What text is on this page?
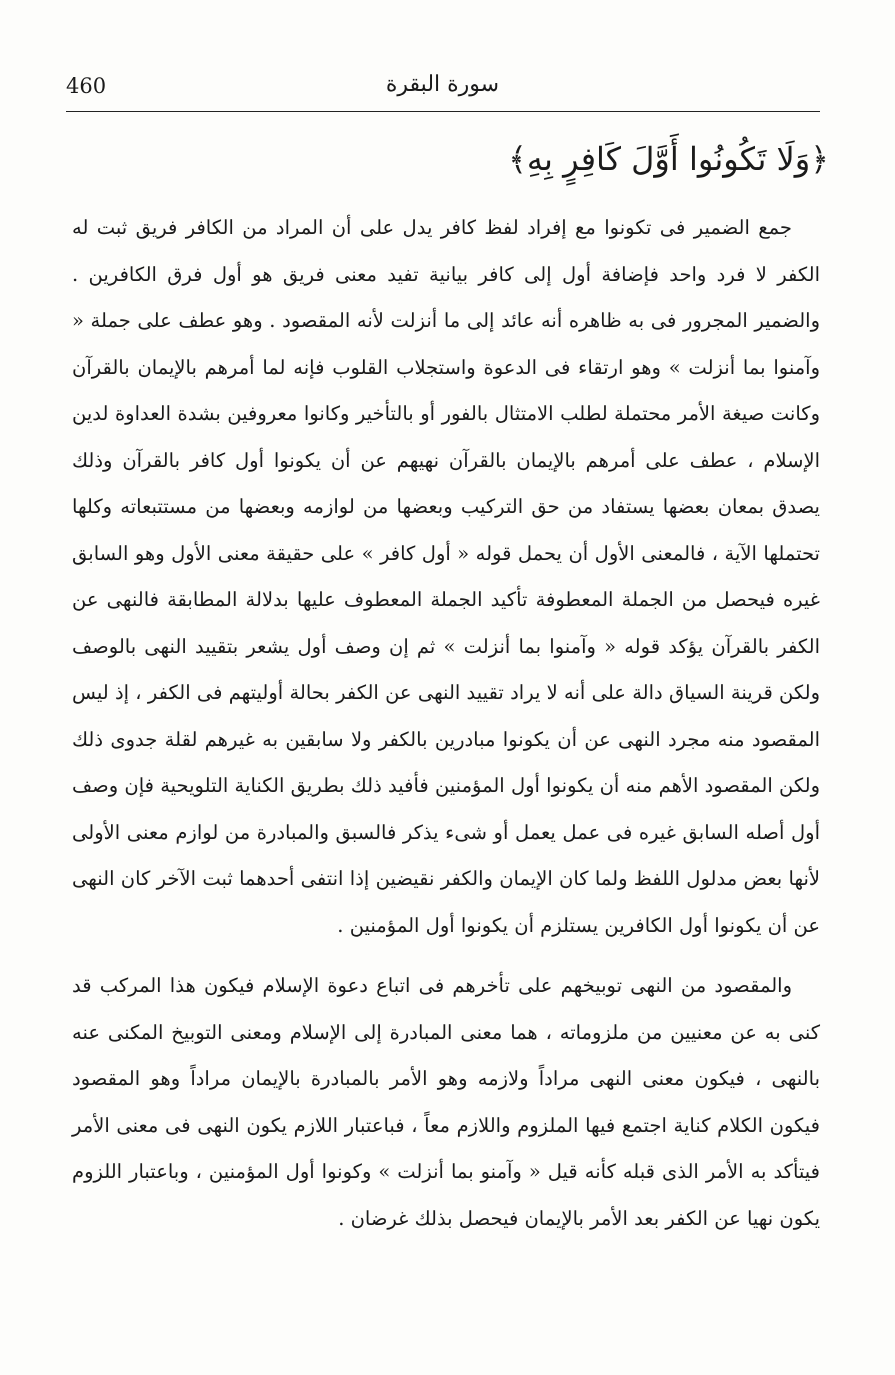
460	سورة البقرة
﴿وَلَا تَكُونُوا أَوَّلَ كَافِرٍ بِهِ﴾

جمع الضمير فى تكونوا مع إفراد لفظ كافر يدل على أن المراد من الكافر فريق ثبت له الكفر لا فرد واحد فإضافة أول إلى كافر بيانية تفيد معنى فريق هو أول فرق الكافرين . والضمير المجرور فى به ظاهره أنه عائد إلى ما أنزلت لأنه المقصود . وهو عطف على جملة « وآمنوا بما أنزلت » وهو ارتقاء فى الدعوة واستجلاب القلوب فإنه لما أمرهم بالإيمان بالقرآن وكانت صيغة الأمر محتملة لطلب الامتثال بالفور أو بالتأخير وكانوا معروفين بشدة العداوة لدين الإسلام ، عطف على أمرهم بالإيمان بالقرآن نهيهم عن أن يكونوا أول كافر بالقرآن وذلك يصدق بمعان بعضها يستفاد من حق التركيب وبعضها من لوازمه وبعضها من مستتبعاته وكلها تحتملها الآية ، فالمعنى الأول أن يحمل قوله « أول كافر » على حقيقة معنى الأول وهو السابق غيره فيحصل من الجملة المعطوفة تأكيد الجملة المعطوف عليها بدلالة المطابقة فالنهى عن الكفر بالقرآن يؤكد قوله « وآمنوا بما أنزلت » ثم إن وصف أول يشعر بتقييد النهى بالوصف ولكن قرينة السياق دالة على أنه لا يراد تقييد النهى عن الكفر بحالة أوليتهم فى الكفر ، إذ ليس المقصود منه مجرد النهى عن أن يكونوا مبادرين بالكفر ولا سابقين به غيرهم لقلة جدوى ذلك ولكن المقصود الأهم منه أن يكونوا أول المؤمنين فأفيد ذلك بطريق الكناية التلويحية فإن وصف أول أصله السابق غيره فى عمل يعمل أو شىء يذكر فالسبق والمبادرة من لوازم معنى الأولى لأنها بعض مدلول اللفظ ولما كان الإيمان والكفر نقيضين إذا انتفى أحدهما ثبت الآخر كان النهى عن أن يكونوا أول الكافرين يستلزم أن يكونوا أول المؤمنين .

والمقصود من النهى توبيخهم على تأخرهم فى اتباع دعوة الإسلام فيكون هذا المركب قد كنى به عن معنيين من ملزوماته ، هما معنى المبادرة إلى الإسلام ومعنى التوبيخ المكنى عنه بالنهى ، فيكون معنى النهى مراداً ولازمه وهو الأمر بالمبادرة بالإيمان مراداً وهو المقصود فيكون الكلام كناية اجتمع فيها الملزوم واللازم معاً ، فباعتبار اللازم يكون النهى فى معنى الأمر فيتأكد به الأمر الذى قبله كأنه قيل « وآمنو بما أنزلت » وكونوا أول المؤمنين ، وباعتبار اللزوم يكون نهيا عن الكفر بعد الأمر بالإيمان فيحصل بذلك غرضان .
